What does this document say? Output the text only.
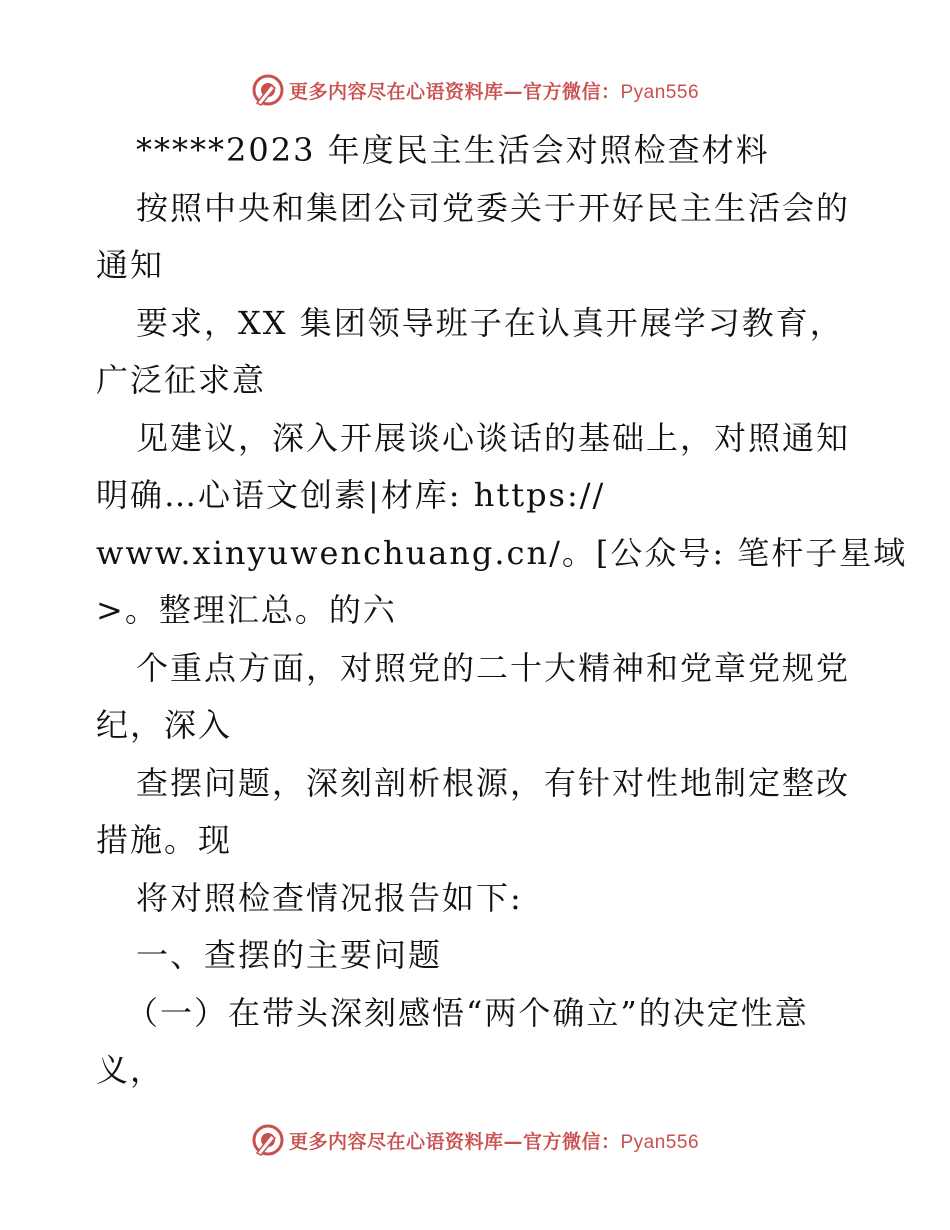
更多内容尽在心语资料库—官方微信：Pyan556
*****2023 年度民主生活会对照检查材料
按照中央和集团公司党委关于开好民主生活会的
通知
要求，XX 集团领导班子在认真开展学习教育，
广泛征求意
见建议，深入开展谈心谈话的基础上，对照通知
明确…心语文创素|材库: https://
www.xinyuwenchuang.cn/。[公众号: 笔杆子星域
>。整理汇总。的六
个重点方面，对照党的二十大精神和党章党规党
纪，深入
查摆问题，深刻剖析根源，有针对性地制定整改
措施。现
将对照检查情况报告如下:
一、查摆的主要问题
（一）在带头深刻感悟“两个确立”的决定性意
义，
更多内容尽在心语资料库—官方微信：Pyan556
